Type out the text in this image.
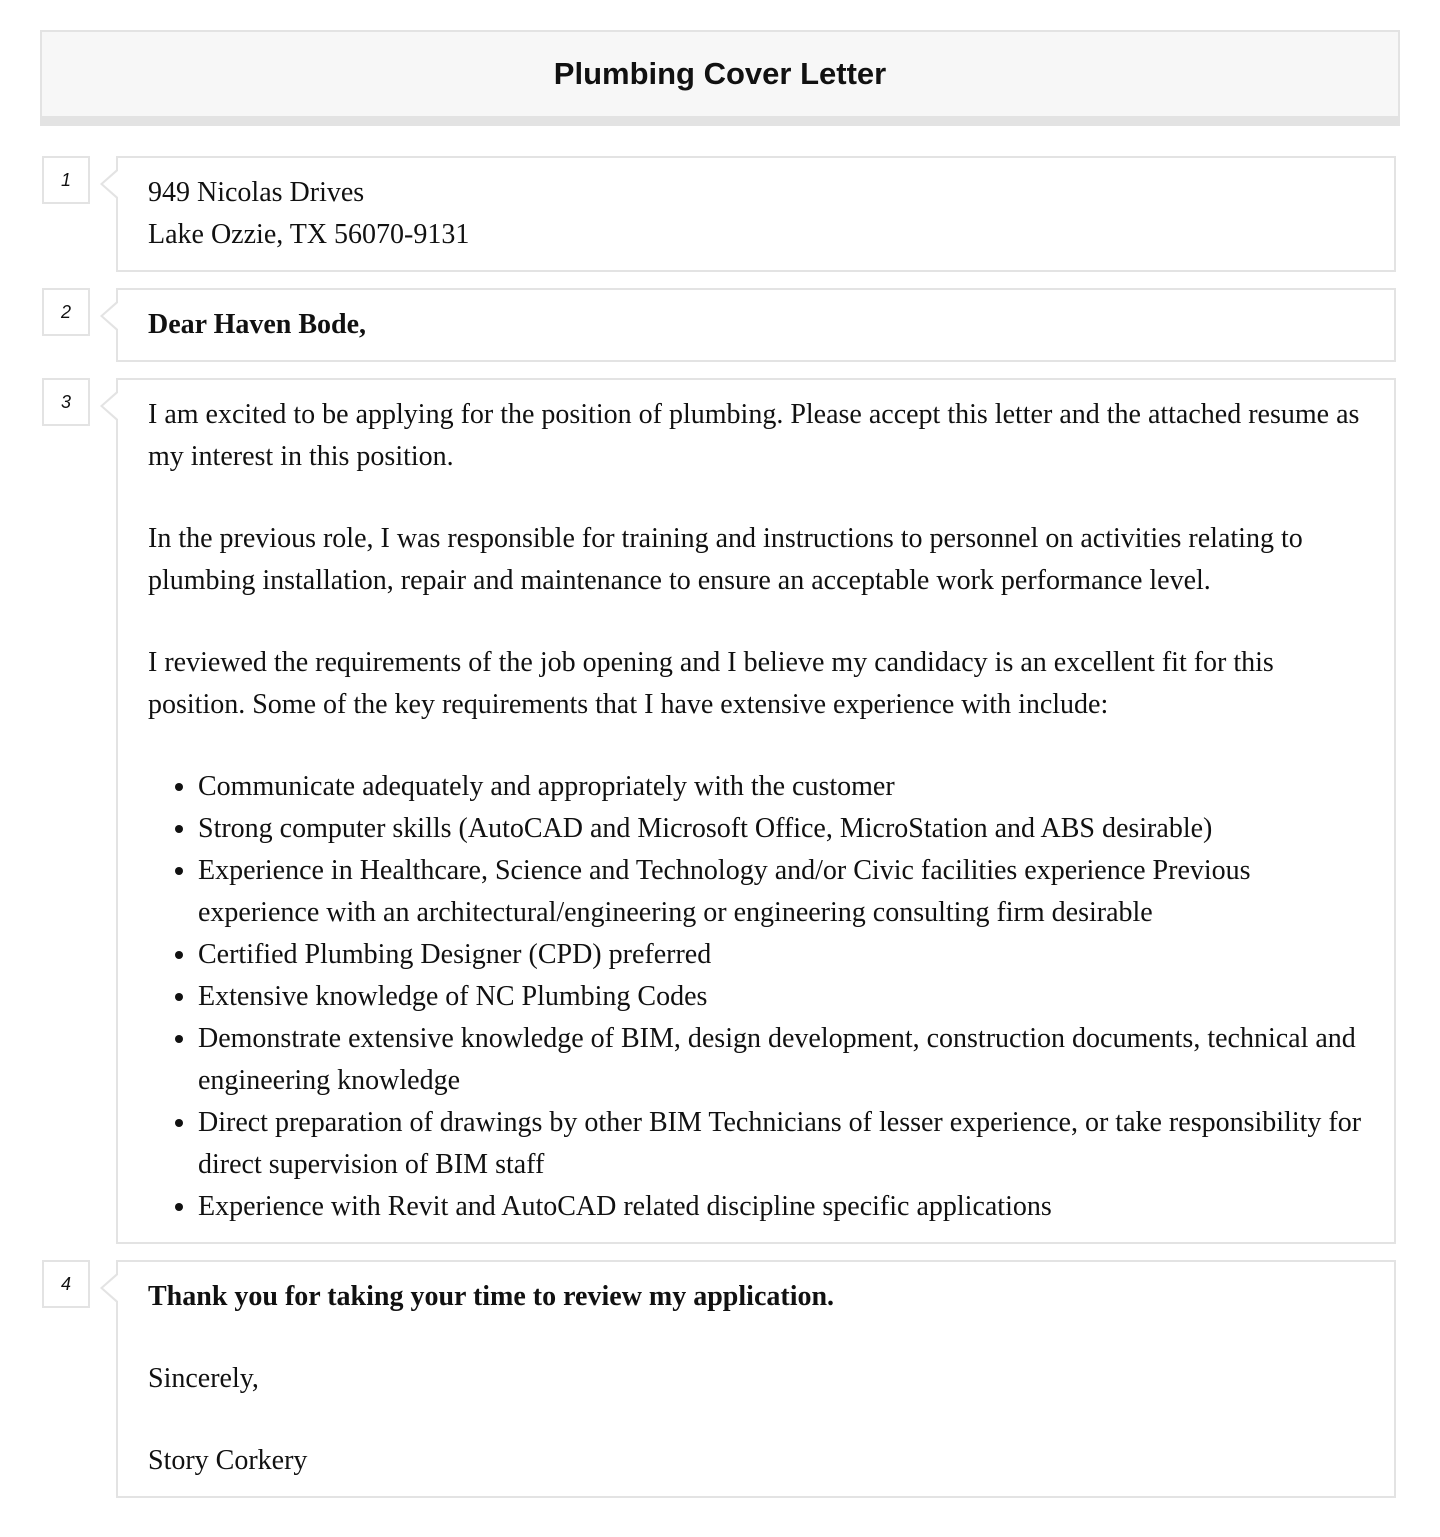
Plumbing Cover Letter
1	949 Nicolas Drives

Lake Ozzie, TX 56070-9131

2	Dear Haven Bode,

3	I am excited to be applying for the position of plumbing. Please accept this letter and the attached resume as my interest in this position.

In the previous role, I was responsible for training and instructions to personnel on activities relating to plumbing installation, repair and maintenance to ensure an acceptable work performance level.

I reviewed the requirements of the job opening and I believe my candidacy is an excellent fit for this position. Some of the key requirements that I have extensive experience with include:

• Communicate adequately and appropriately with the customer
• Strong computer skills (AutoCAD and Microsoft Office, MicroStation and ABS desirable)
• Experience in Healthcare, Science and Technology and/or Civic facilities experience Previous experience with an architectural/engineering or engineering consulting firm desirable
• Certified Plumbing Designer (CPD) preferred
• Extensive knowledge of NC Plumbing Codes
• Demonstrate extensive knowledge of BIM, design development, construction documents, technical and engineering knowledge
• Direct preparation of drawings by other BIM Technicians of lesser experience, or take responsibility for direct supervision of BIM staff
• Experience with Revit and AutoCAD related discipline specific applications
4	Thank you for taking your time to review my application.

Sincerely,

Story Corkery
